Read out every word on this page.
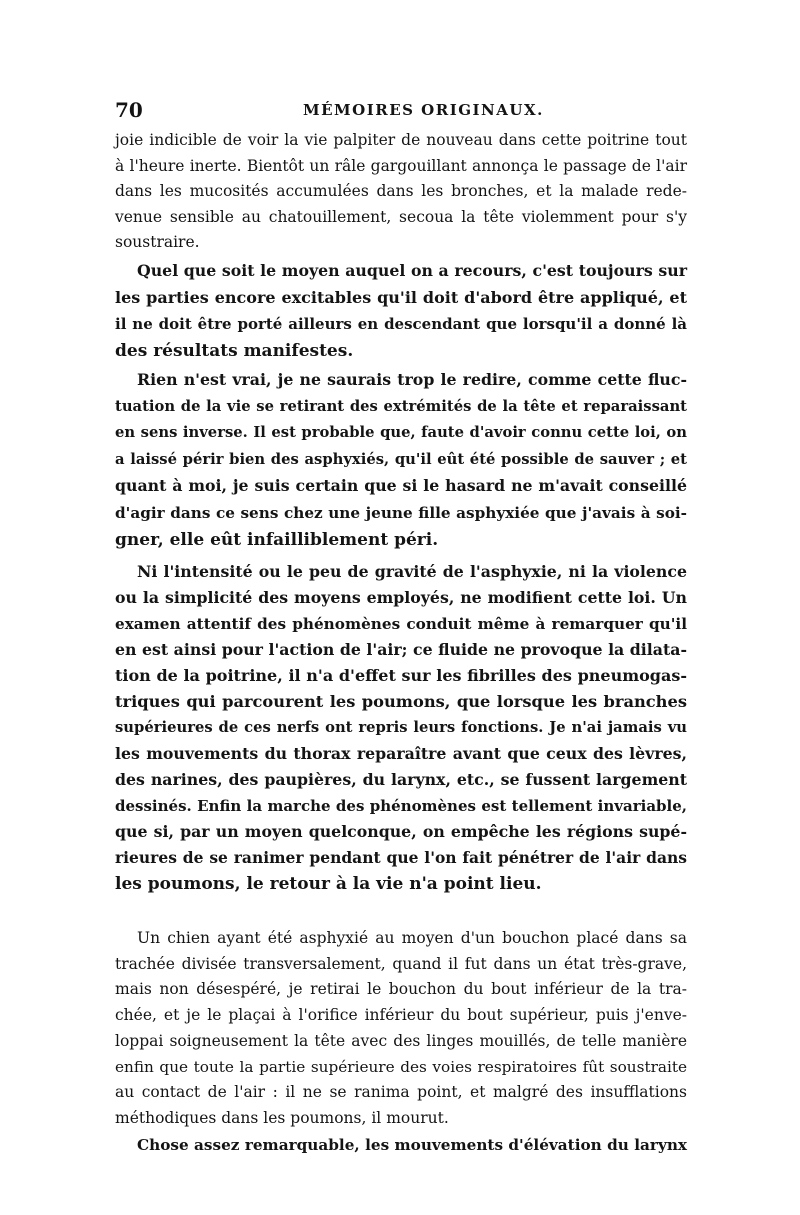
70	MÉMOIRES ORIGINAUX.

joie indicible de voir la vie palpiter de nouveau dans cette poitrine tout
à l'heure inerte. Bientôt un râle gargouillant annonça le passage de l'air
dans les mucosités accumulées dans les bronches, et la malade rede-
venue sensible au chatouillement, secoua la tête violemment pour s'y
soustraire.

Quel que soit le moyen auquel on a recours, c'est toujours sur
les parties encore excitables qu'il doit d'abord être appliqué, et
il ne doit être porté ailleurs en descendant que lorsqu'il a donné là
des résultats manifestes.

Rien n'est vrai, je ne saurais trop le redire, comme cette fluc-
tuation de la vie se retirant des extrémités de la tête et reparaissant
en sens inverse. Il est probable que, faute d'avoir connu cette loi, on
a laissé périr bien des asphyxiés, qu'il eût été possible de sauver ; et
quant à moi, je suis certain que si le hasard ne m'avait conseillé
d'agir dans ce sens chez une jeune fille asphyxiée que j'avais à soi-
gner, elle eût infailliblement péri.

Ni l'intensité ou le peu de gravité de l'asphyxie, ni la violence
ou la simplicité des moyens employés, ne modifient cette loi. Un
examen attentif des phénomènes conduit même à remarquer qu'il
en est ainsi pour l'action de l'air; ce fluide ne provoque la dilata-
tion de la poitrine, il n'a d'effet sur les fibrilles des pneumogas-
triques qui parcourent les poumons, que lorsque les branches
supérieures de ces nerfs ont repris leurs fonctions. Je n'ai jamais vu
les mouvements du thorax reparaître avant que ceux des lèvres,
des narines, des paupières, du larynx, etc., se fussent largement
dessinés. Enfin la marche des phénomènes est tellement invariable,
que si, par un moyen quelconque, on empêche les régions supé-
rieures de se ranimer pendant que l'on fait pénétrer de l'air dans
les poumons, le retour à la vie n'a point lieu.

Un chien ayant été asphyxié au moyen d'un bouchon placé dans sa
trachée divisée transversalement, quand il fut dans un état très-grave,
mais non désespéré, je retirai le bouchon du bout inférieur de la tra-
chée, et je le plaçai à l'orifice inférieur du bout supérieur, puis j'enve-
loppai soigneusement la tête avec des linges mouillés, de telle manière
enfin que toute la partie supérieure des voies respiratoires fût soustraite
au contact de l'air : il ne se ranima point, et malgré des insufflations
méthodiques dans les poumons, il mourut.

Chose assez remarquable, les mouvements d'élévation du larynx
